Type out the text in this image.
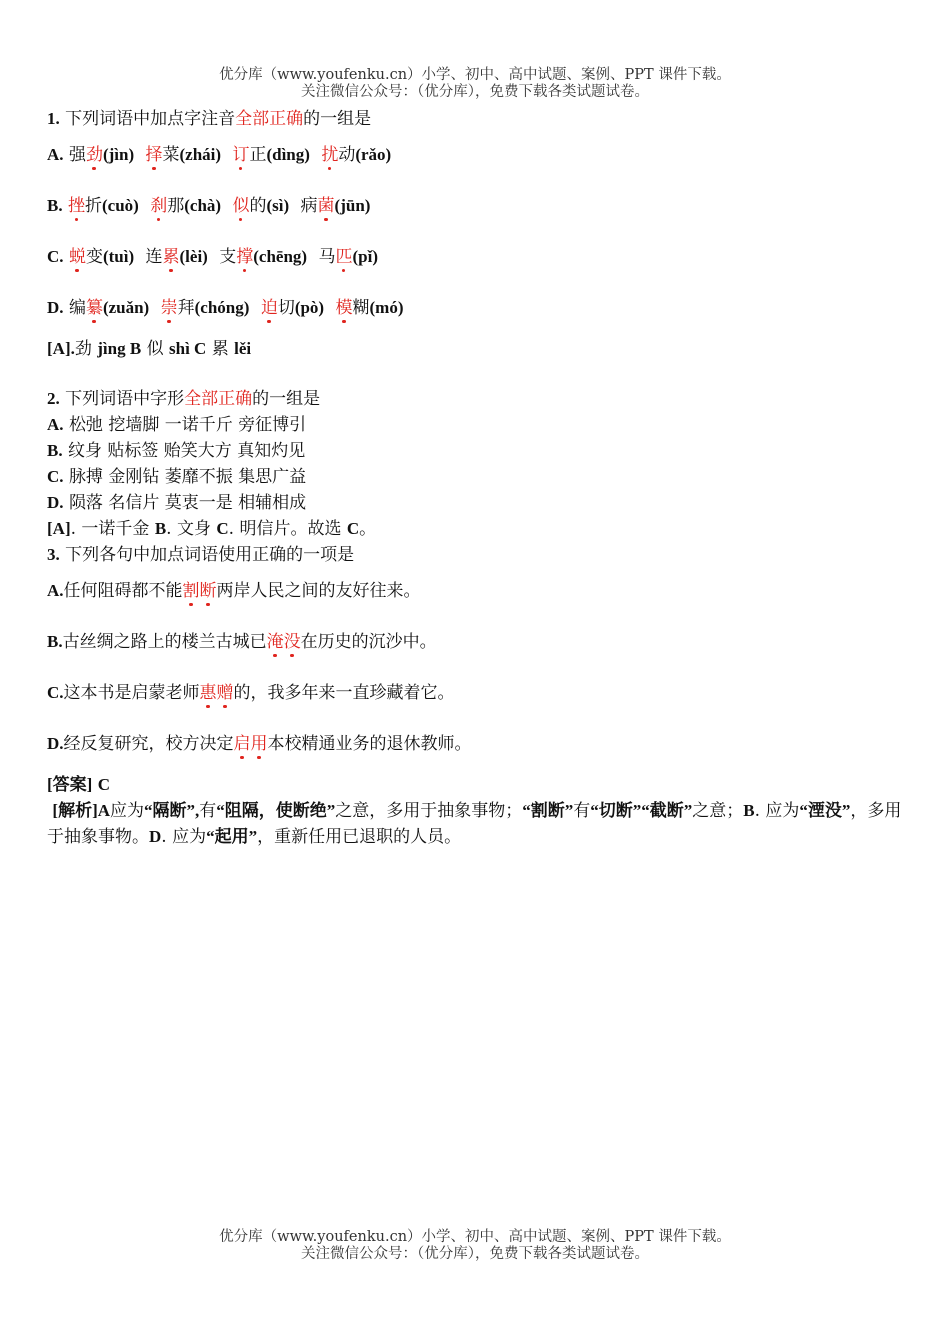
优分库（www.youfenku.cn）小学、初中、高中试题、案例、PPT 课件下载。
关注微信公众号：（优分库），免费下载各类试题试卷。
1. 下列词语中加点字注音全部正确的一组是
A. 强劲(jìn) 择菜(zhái) 订正(dìng) 扰动(rǎo)
B. 挫折(cuò) 刹那(chà) 似的(sì) 病菌(jūn)
C. 蜕变(tuì) 连累(lèi) 支撑(chēng) 马匹(pǐ)
D. 编纂(zuǎn) 崇拜(chóng) 迫切(pò) 模糊(mó)
[A].劲 jìng B 似 shì C 累 lěi
2. 下列词语中字形全部正确的一组是
A. 松弛 挖墙脚 一诺千斤 旁征博引
B. 纹身 贴标签 贻笑大方 真知灼见
C. 脉搏 金刚钻 萎靡不振 集思广益
D. 陨落 名信片 莫衷一是 相辅相成
[A]. 一诺千金 B. 文身 C. 明信片。故选 C。
3. 下列各句中加点词语使用正确的一项是
A.任何阻碍都不能割断两岸人民之间的友好往来。
B.古丝绸之路上的楼兰古城已淹没在历史的沉沙中。
C.这本书是启蒙老师惠赠的，我多年来一直珍藏着它。
D.经反复研究，校方决定启用本校精通业务的退休教师。
[答案] C
[解析]A应为“隔断”,有“阻隔，使断绝”之意，多用于抽象事物；“割断”有“切断”“截断”之意；B. 应为“湮没”，多用于抽象事物。D. 应为“起用”，重新任用已退职的人员。
优分库（www.youfenku.cn）小学、初中、高中试题、案例、PPT 课件下载。
关注微信公众号：（优分库），免费下载各类试题试卷。
